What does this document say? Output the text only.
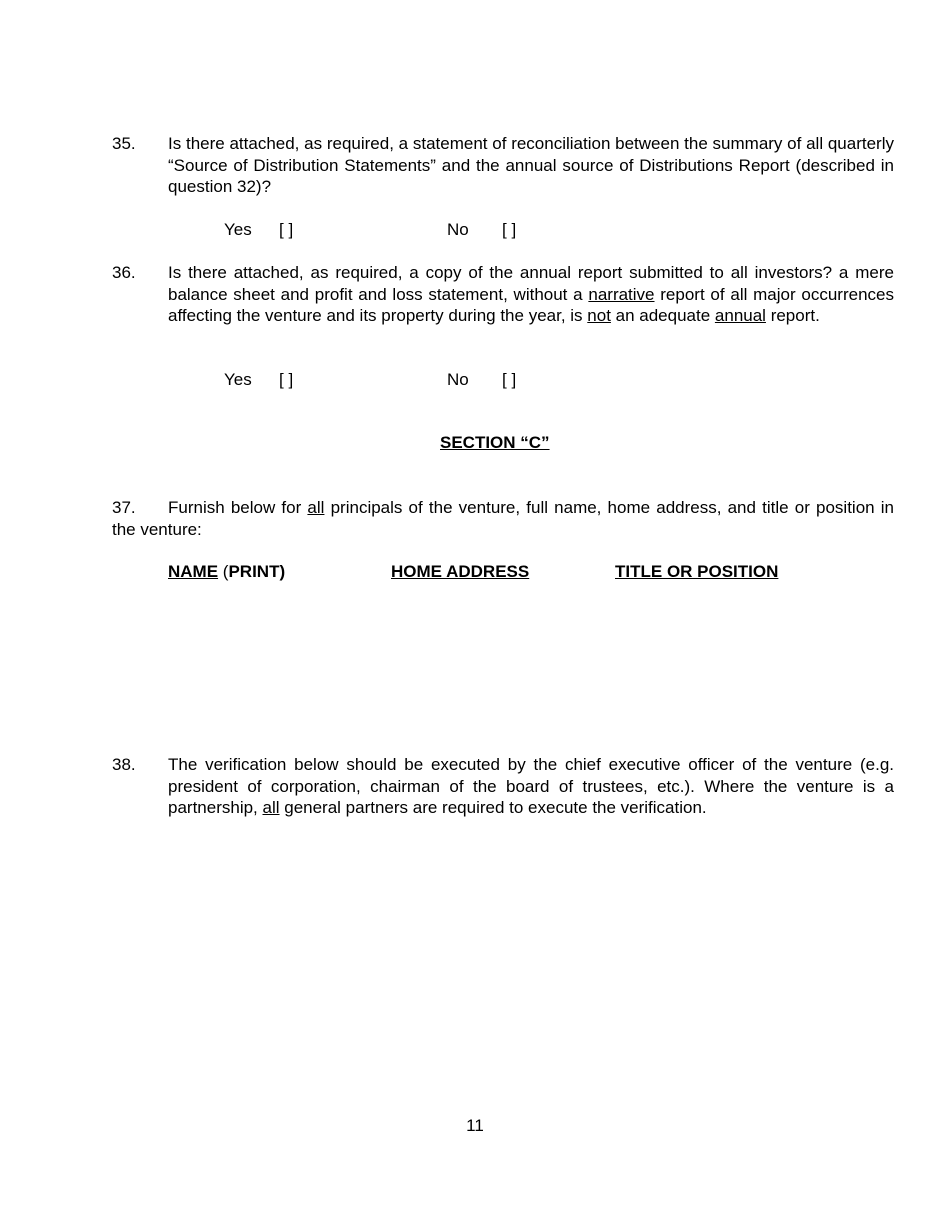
35. Is there attached, as required, a statement of reconciliation between the summary of all quarterly “Source of Distribution Statements” and the annual source of Distributions Report (described in question 32)?
Yes [ ]	No [ ]
36. Is there attached, as required, a copy of the annual report submitted to all investors? a mere balance sheet and profit and loss statement, without a narrative report of all major occurrences affecting the venture and its property during the year, is not an adequate annual report.
Yes [ ]	No [ ]
SECTION “C”
37. Furnish below for all principals of the venture, full name, home address, and title or position in the venture:
NAME (PRINT)	HOME ADDRESS	TITLE OR POSITION
38. The verification below should be executed by the chief executive officer of the venture (e.g. president of corporation, chairman of the board of trustees, etc.). Where the venture is a partnership, all general partners are required to execute the verification.
11
